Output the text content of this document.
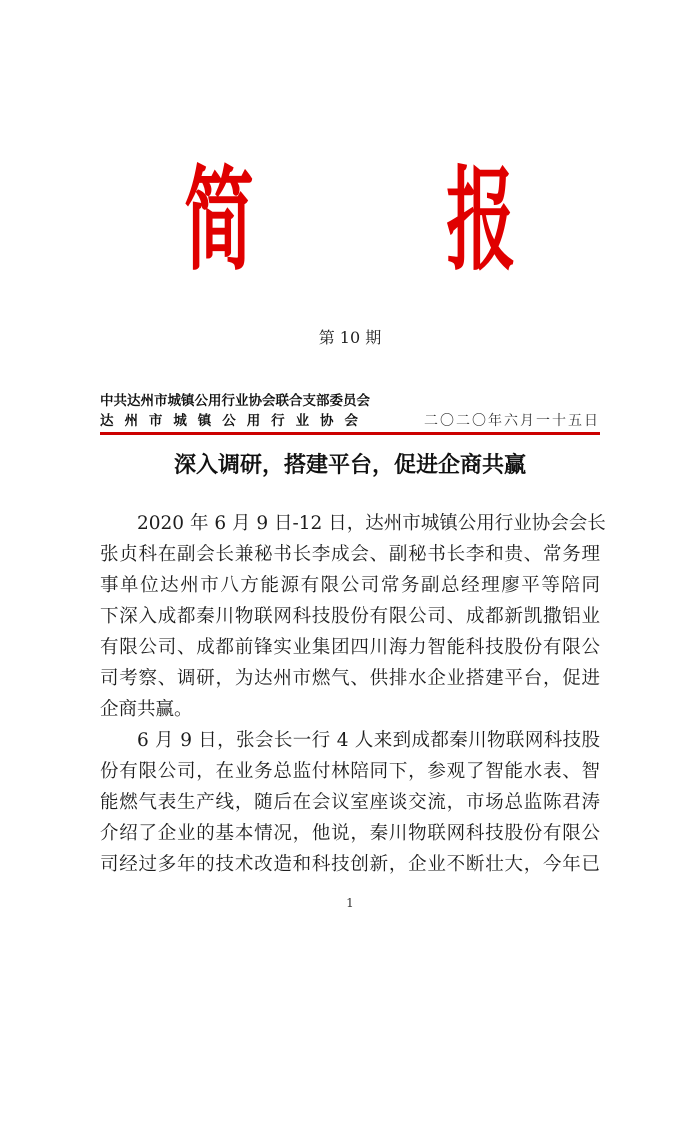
简 报
第 10 期
中共达州市城镇公用行业协会联合支部委员会
达州市城镇公用行业协会	二〇二〇年六月一十五日
深入调研，搭建平台，促进企商共赢
2020 年 6 月 9 日-12 日，达州市城镇公用行业协会会长
张贞科在副会长兼秘书长李成会、副秘书长李和贵、常务理
事单位达州市八方能源有限公司常务副总经理廖平等陪同
下深入成都秦川物联网科技股份有限公司、成都新凯撒铝业
有限公司、成都前锋实业集团四川海力智能科技股份有限公
司考察、调研，为达州市燃气、供排水企业搭建平台，促进
企商共赢。
6 月 9 日，张会长一行 4 人来到成都秦川物联网科技股
份有限公司，在业务总监付林陪同下，参观了智能水表、智
能燃气表生产线，随后在会议室座谈交流，市场总监陈君涛
介绍了企业的基本情况，他说，秦川物联网科技股份有限公
司经过多年的技术改造和科技创新，企业不断壮大，今年已
1
